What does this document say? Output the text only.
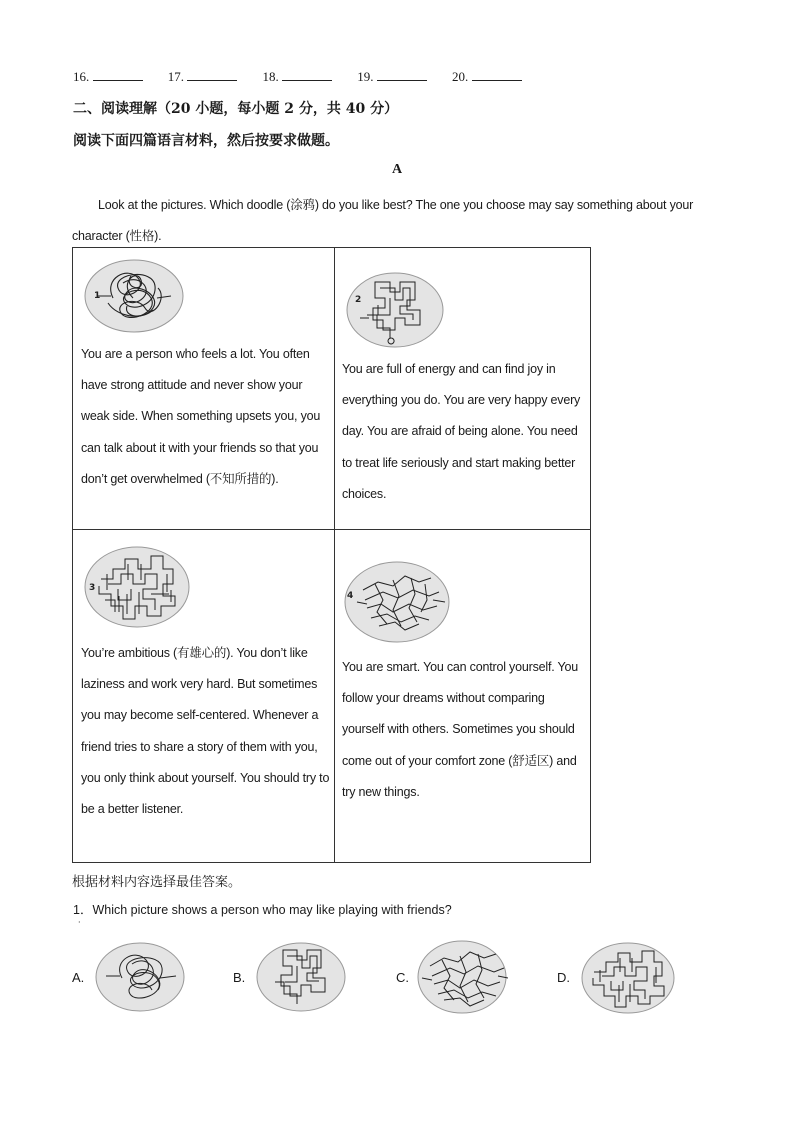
16.	17.	18.	19.	20.
二、阅读理解（20 小题，每小题 2 分，共 40 分）
阅读下面四篇语言材料，然后按要求做题。
A
Look at the pictures. Which doodle (涂鸦) do you like best? The one you choose may say something about your character (性格).
1

You are a person who feels a lot. You often have strong attitude and never show your weak side. When something upsets you, you can talk about it with your friends so that you don’t get overwhelmed (不知所措的).	2

You are full of energy and can find joy in everything you do. You are very happy every day. You are afraid of being alone. You need to treat life seriously and start making better choices.

3

You’re ambitious (有雄心的). You don’t like laziness and work very hard. But sometimes you may become self-centered. Whenever a friend tries to share a story of them with you, you only think about yourself. You should try to be a better listener.	4

You are smart. You can control yourself. You follow your dreams without comparing yourself with others. Sometimes you should come out of your comfort zone (舒适区) and try new things.

根据材料内容选择最佳答案。
1．Which picture shows a person who may like playing with friends?
·
A.	B.	C.	D.
